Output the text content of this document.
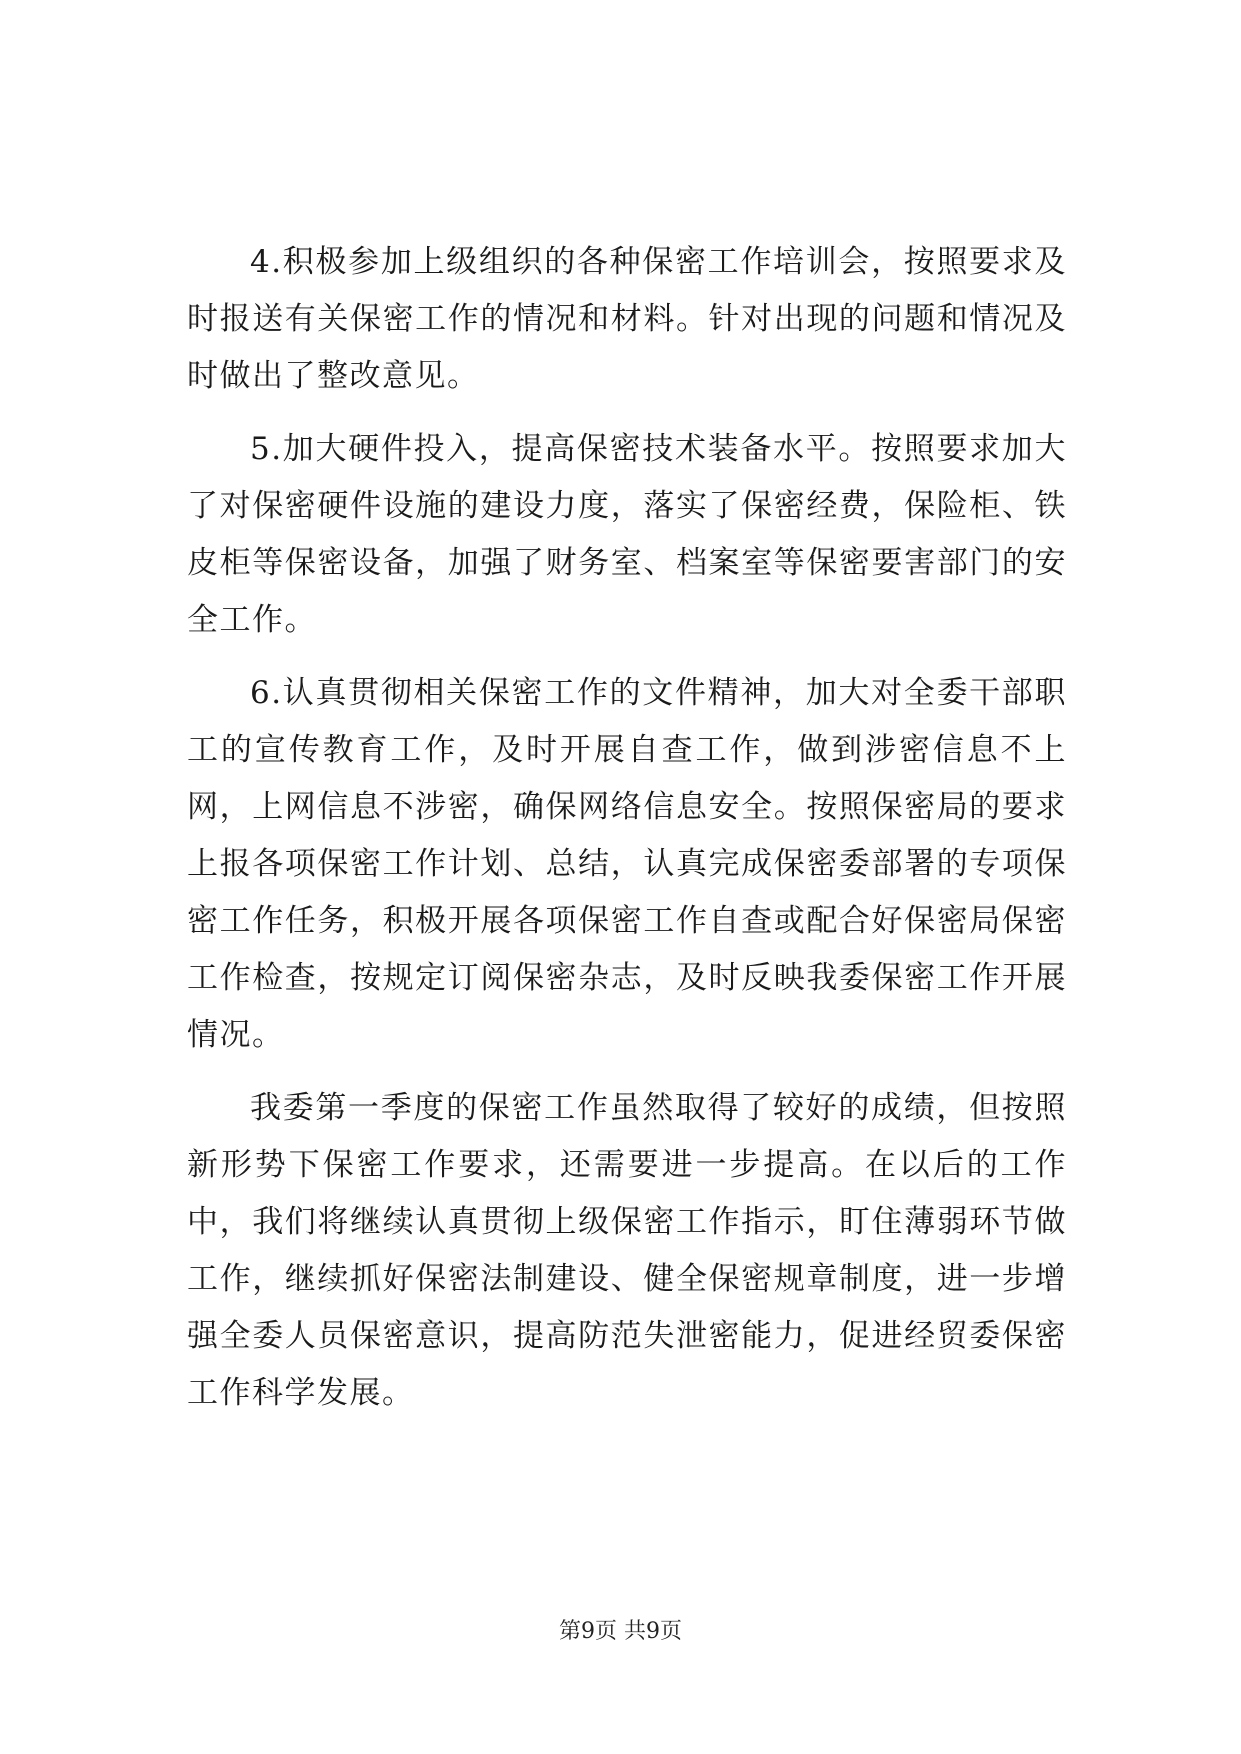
4.积极参加上级组织的各种保密工作培训会，按照要求及时报送有关保密工作的情况和材料。针对出现的问题和情况及时做出了整改意见。

5.加大硬件投入，提高保密技术装备水平。按照要求加大了对保密硬件设施的建设力度，落实了保密经费，保险柜、铁皮柜等保密设备，加强了财务室、档案室等保密要害部门的安全工作。

6.认真贯彻相关保密工作的文件精神，加大对全委干部职工的宣传教育工作，及时开展自查工作，做到涉密信息不上网，上网信息不涉密，确保网络信息安全。按照保密局的要求上报各项保密工作计划、总结，认真完成保密委部署的专项保密工作任务，积极开展各项保密工作自查或配合好保密局保密工作检查，按规定订阅保密杂志，及时反映我委保密工作开展情况。

我委第一季度的保密工作虽然取得了较好的成绩，但按照新形势下保密工作要求，还需要进一步提高。在以后的工作中，我们将继续认真贯彻上级保密工作指示，盯住薄弱环节做工作，继续抓好保密法制建设、健全保密规章制度，进一步增强全委人员保密意识，提高防范失泄密能力，促进经贸委保密工作科学发展。

第9页 共9页
